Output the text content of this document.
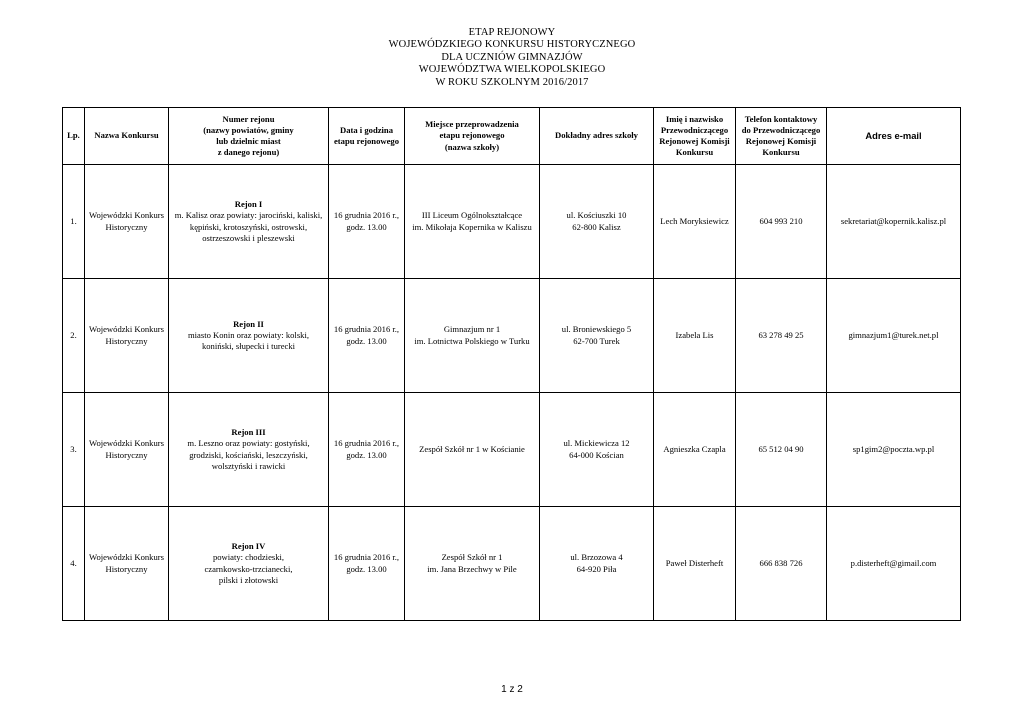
ETAP REJONOWY
WOJEWÓDZKIEGO KONKURSU HISTORYCZNEGO
DLA UCZNIÓW GIMNAZJÓW
WOJEWÓDZTWA WIELKOPOLSKIEGO
W ROKU SZKOLNYM 2016/2017
Lp.	Nazwa Konkursu	Numer rejonu
(nazwy powiatów, gminy
lub dzielnic miast
z danego rejonu)	Data i godzina
etapu rejonowego	Miejsce przeprowadzenia
etapu rejonowego
(nazwa szkoły)	Dokładny adres szkoły	Imię i nazwisko
Przewodniczącego
Rejonowej Komisji
Konkursu	Telefon kontaktowy
do Przewodniczącego
Rejonowej Komisji
Konkursu	Adres e-mail

1.	Wojewódzki Konkurs
Historyczny	Rejon I
m. Kalisz oraz powiaty: jarociński, kaliski,
kępiński, krotoszyński, ostrowski,
ostrzeszowski i pleszewski	16 grudnia 2016 r.,
godz. 13.00	III Liceum Ogólnokształcące
im. Mikołaja Kopernika w Kaliszu	ul. Kościuszki 10
62-800 Kalisz	Lech Moryksiewicz	604 993 210	sekretariat@kopernik.kalisz.pl
2.	Wojewódzki Konkurs
Historyczny	Rejon II
miasto Konin oraz powiaty: kolski,
koniński, słupecki i turecki	16 grudnia 2016 r.,
godz. 13.00	Gimnazjum nr 1
im. Lotnictwa Polskiego w Turku	ul. Broniewskiego 5
62-700 Turek	Izabela Lis	63 278 49 25	gimnazjum1@turek.net.pl
3.	Wojewódzki Konkurs
Historyczny	Rejon III
m. Leszno oraz powiaty: gostyński,
grodziski, kościański, leszczyński,
wolsztyński i rawicki	16 grudnia 2016 r.,
godz. 13.00	Zespół Szkół nr 1 w Kościanie	ul. Mickiewicza 12
64-000 Kościan	Agnieszka Czapla	65 512 04 90	sp1gim2@poczta.wp.pl
4.	Wojewódzki Konkurs
Historyczny	Rejon IV
powiaty: chodzieski,
czarnkowsko-trzcianecki,
pilski i złotowski	16 grudnia 2016 r.,
godz. 13.00	Zespół Szkół nr 1
im. Jana Brzechwy w Pile	ul. Brzozowa 4
64-920 Piła	Paweł Disterheft	666 838 726	p.disterheft@gimail.com
1 z 2
